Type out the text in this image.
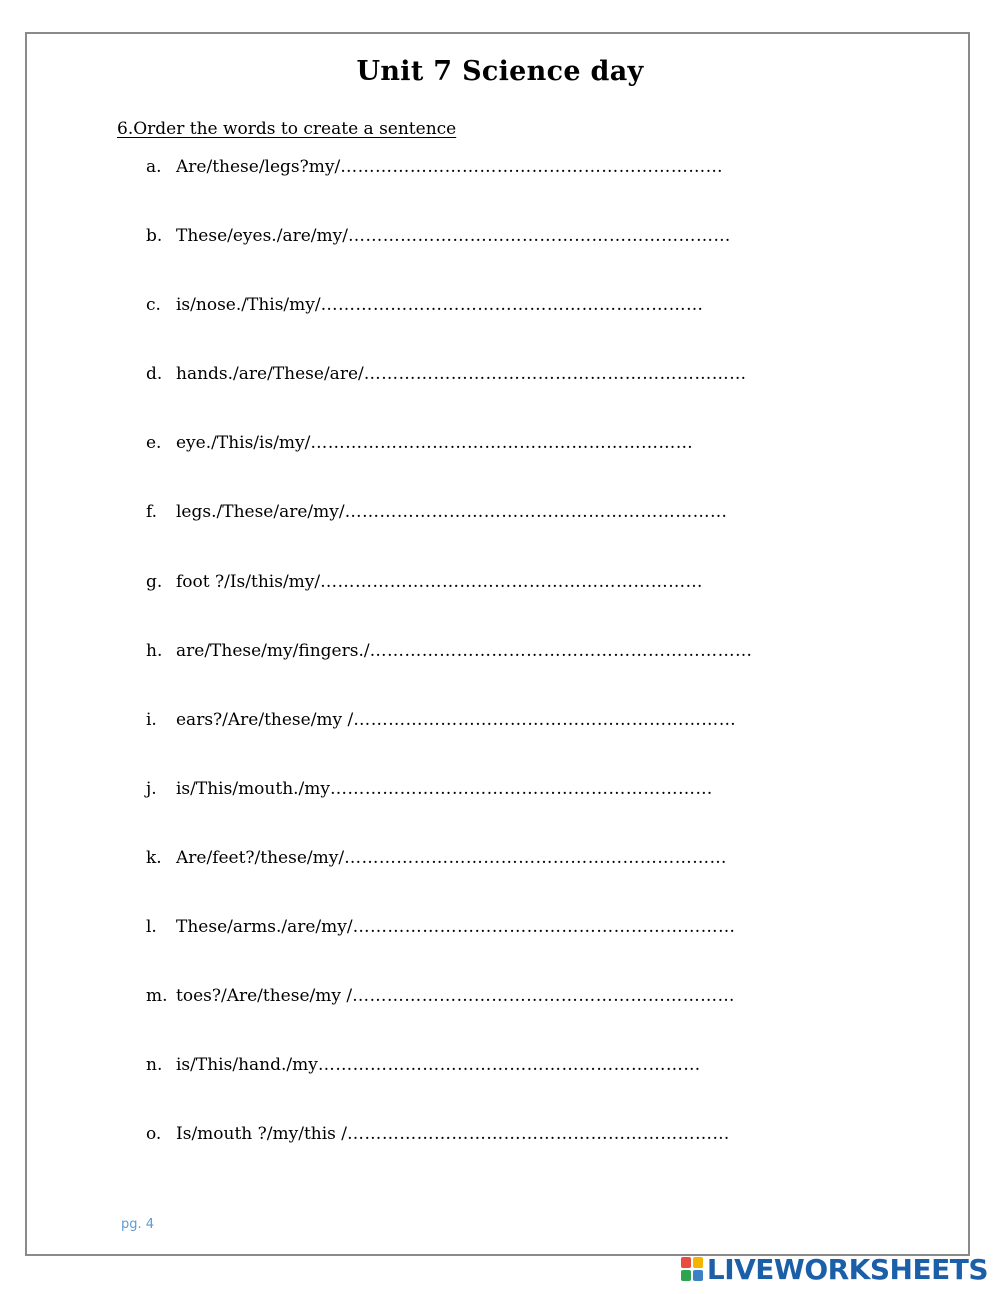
Unit 7 Science day
6.Order the words to create a sentence
a. Are/these/legs?my/ …………………………………………………………
b. These/eyes./are/my/ …………………………………………………………
c. is/nose./This/my/ …………………………………………………………
d. hands./are/These/are/ …………………………………………………………
e. eye./This/is/my/ …………………………………………………………
f.	legs./These/are/my/ …………………………………………………………
g. foot ?/Is/this/my/ …………………………………………………………
h. are/These/my/fingers./ …………………………………………………………
i.	ears?/Are/these/my / …………………………………………………………
j.	is/This/mouth./my …………………………………………………………
k. Are/feet?/these/my/ …………………………………………………………
l.	These/arms./are/my/ …………………………………………………………
m. toes?/Are/these/my / …………………………………………………………
n. is/This/hand./my …………………………………………………………
o. Is/mouth ?/my/this / …………………………………………………………
pg. 4
LIVEWORKSHEETS
